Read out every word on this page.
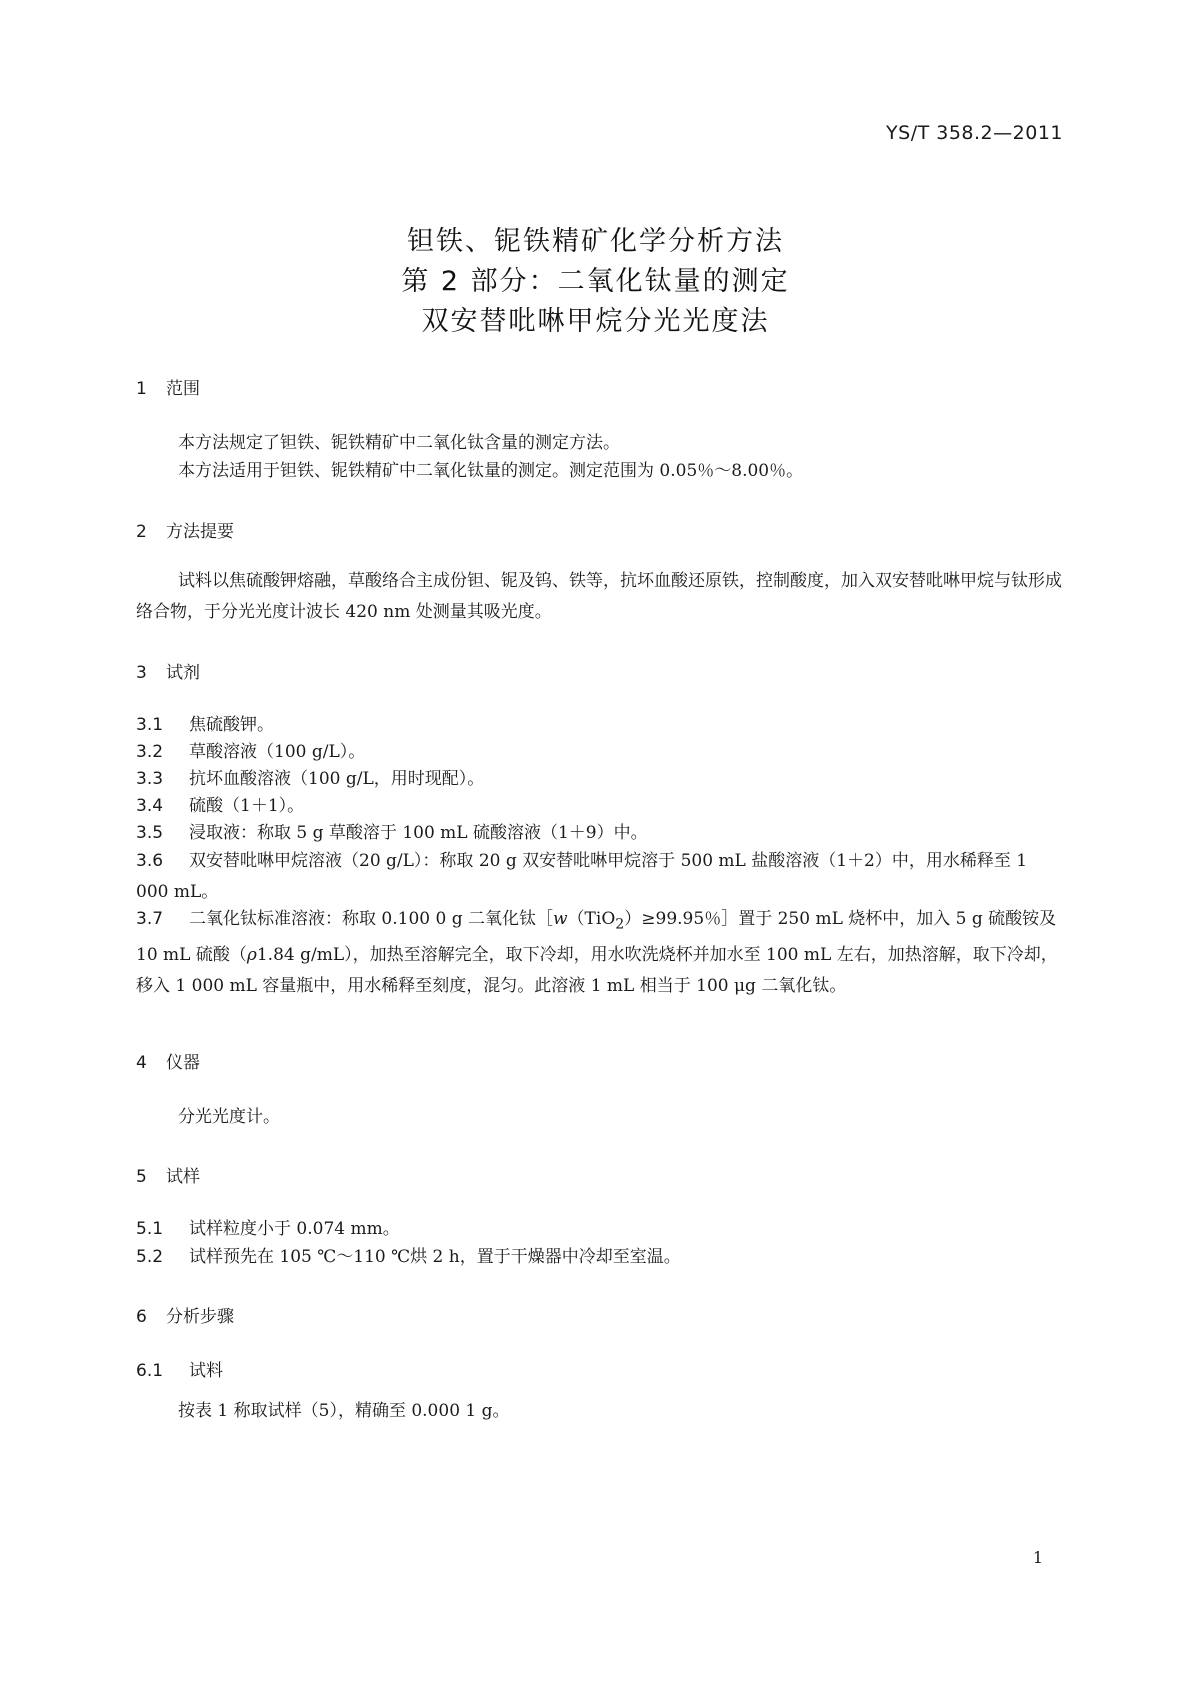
YS/T 358.2—2011
钽铁、铌铁精矿化学分析方法
第 2 部分：二氧化钛量的测定
双安替吡啉甲烷分光光度法
1 范围
本方法规定了钽铁、铌铁精矿中二氧化钛含量的测定方法。
本方法适用于钽铁、铌铁精矿中二氧化钛量的测定。测定范围为 0.05％～8.00％。
2 方法提要
试料以焦硫酸钾熔融，草酸络合主成份钽、铌及钨、铁等，抗坏血酸还原铁，控制酸度，加入双安替吡啉甲烷与钛形成络合物，于分光光度计波长 420 nm 处测量其吸光度。
3 试剂
3.1 焦硫酸钾。
3.2 草酸溶液（100 g/L）。
3.3 抗坏血酸溶液（100 g/L，用时现配）。
3.4 硫酸（1＋1）。
3.5 浸取液：称取 5 g 草酸溶于 100 mL 硫酸溶液（1＋9）中。
3.6 双安替吡啉甲烷溶液（20 g/L）：称取 20 g 双安替吡啉甲烷溶于 500 mL 盐酸溶液（1＋2）中，用水稀释至 1 000 mL。
3.7 二氧化钛标准溶液：称取 0.100 0 g 二氧化钛［w（TiO$_2$）≥99.95％］置于 250 mL 烧杯中，加入 5 g 硫酸铵及 10 mL 硫酸（ρ1.84 g/mL），加热至溶解完全，取下冷却，用水吹洗烧杯并加水至 100 mL 左右，加热溶解，取下冷却，移入 1 000 mL 容量瓶中，用水稀释至刻度，混匀。此溶液 1 mL 相当于 100 μg 二氧化钛。
4 仪器
分光光度计。
5 试样
5.1 试样粒度小于 0.074 mm。
5.2 试样预先在 105 ℃～110 ℃烘 2 h，置于干燥器中冷却至室温。
6 分析步骤
6.1 试料
按表 1 称取试样（5），精确至 0.000 1 g。
1
